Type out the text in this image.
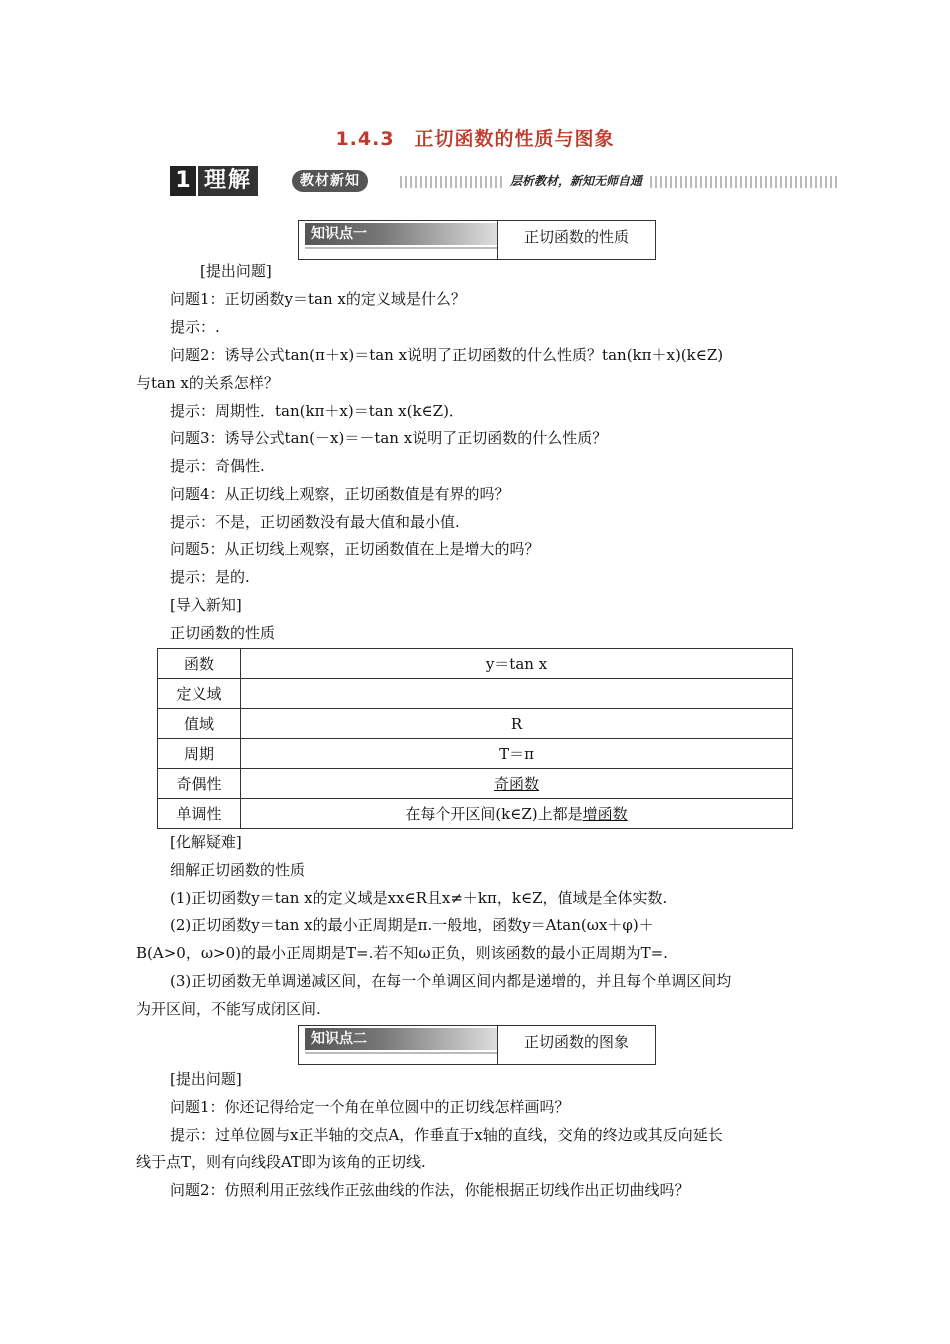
1.4.3　正切函数的性质与图象
1 理解	教材新知	层析教材，新知无师自通
知识点一	正切函数的性质
[提出问题]
问题1：正切函数y＝tan x的定义域是什么？
提示：.
问题2：诱导公式tan(π＋x)＝tan x说明了正切函数的什么性质？tan(kπ＋x)(k∈Z)
与tan x的关系怎样？
提示：周期性．tan(kπ＋x)＝tan x(k∈Z)．
问题3：诱导公式tan(－x)＝－tan x说明了正切函数的什么性质？
提示：奇偶性.
问题4：从正切线上观察，正切函数值是有界的吗？
提示：不是，正切函数没有最大值和最小值.
问题5：从正切线上观察，正切函数值在上是增大的吗？
提示：是的.
[导入新知]
正切函数的性质
函数	y＝tan x
定义域	
值域	R
周期	T＝π
奇偶性	奇函数
单调性	在每个开区间(k∈Z)上都是增函数
[化解疑难]
细解正切函数的性质
(1)正切函数y＝tan x的定义域是xx∈R且x≠＋kπ，k∈Z，值域是全体实数.
(2)正切函数y＝tan x的最小正周期是π.一般地，函数y＝Atan(ωx＋φ)＋
B(A>0，ω>0)的最小正周期是T=.若不知ω正负，则该函数的最小正周期为T=.
(3)正切函数无单调递减区间，在每一个单调区间内都是递增的，并且每个单调区间均
为开区间，不能写成闭区间.
知识点二	正切函数的图象
[提出问题]
问题1：你还记得给定一个角在单位圆中的正切线怎样画吗？
提示：过单位圆与x正半轴的交点A，作垂直于x轴的直线，交角的终边或其反向延长
线于点T，则有向线段AT即为该角的正切线.
问题2：仿照利用正弦线作正弦曲线的作法，你能根据正切线作出正切曲线吗？
